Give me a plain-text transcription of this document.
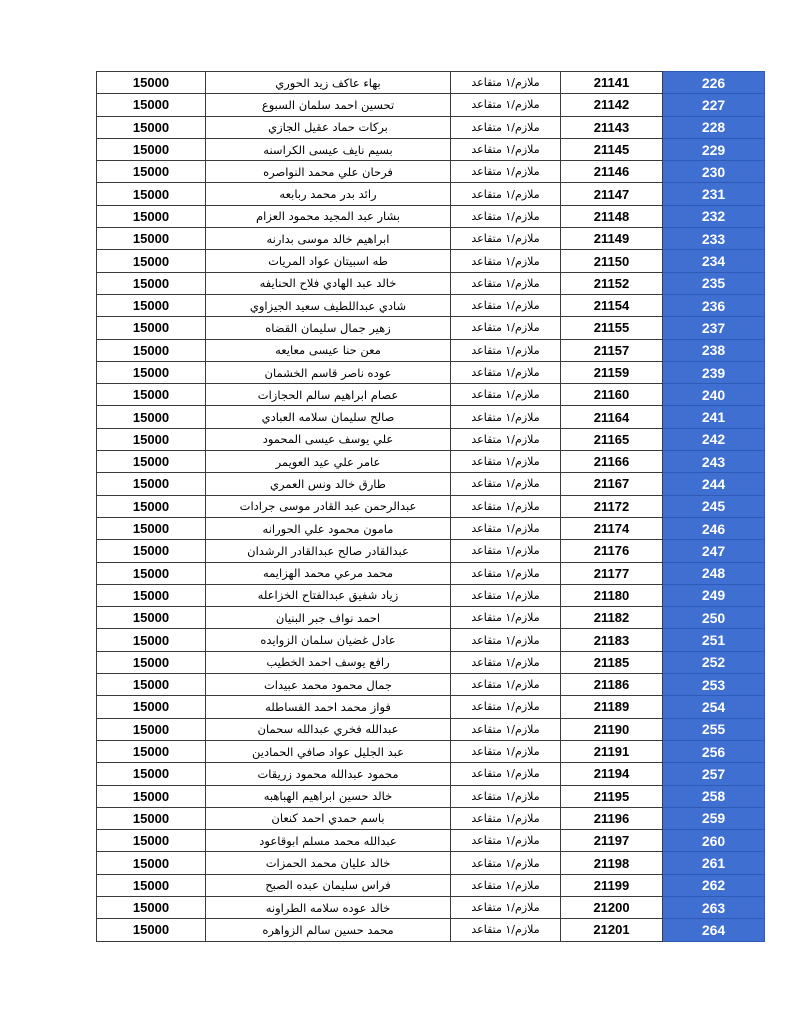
15000	بهاء عاكف زيد الحوري	ملازم/١ متقاعد	21141	226
15000	تحسين احمد سلمان السبوع	ملازم/١ متقاعد	21142	227
15000	بركات حماد عقيل الجازي	ملازم/١ متقاعد	21143	228
15000	بسيم نايف عيسى الكراسنه	ملازم/١ متقاعد	21145	229
15000	فرحان علي محمد النواصره	ملازم/١ متقاعد	21146	230
15000	رائد بدر محمد ربابعه	ملازم/١ متقاعد	21147	231
15000	بشار عبد المجيد محمود العزام	ملازم/١ متقاعد	21148	232
15000	ابراهيم خالد موسى بدارنه	ملازم/١ متقاعد	21149	233
15000	طه اسبيتان عواد المريات	ملازم/١ متقاعد	21150	234
15000	خالد عبد الهادي فلاح الحنايفه	ملازم/١ متقاعد	21152	235
15000	شادي عبداللطيف سعيد الجيزاوي	ملازم/١ متقاعد	21154	236
15000	زهير جمال سليمان القضاه	ملازم/١ متقاعد	21155	237
15000	معن حنا عيسى معايعه	ملازم/١ متقاعد	21157	238
15000	عوده ناصر قاسم الخشمان	ملازم/١ متقاعد	21159	239
15000	عصام ابراهيم سالم الحجازات	ملازم/١ متقاعد	21160	240
15000	صالح سليمان سلامه العبادي	ملازم/١ متقاعد	21164	241
15000	علي يوسف عيسى المحمود	ملازم/١ متقاعد	21165	242
15000	عامر علي عيد العويمر	ملازم/١ متقاعد	21166	243
15000	طارق خالد ونس العمري	ملازم/١ متقاعد	21167	244
15000	عبدالرحمن عبد القادر موسى جرادات	ملازم/١ متقاعد	21172	245
15000	مامون محمود علي الحورانه	ملازم/١ متقاعد	21174	246
15000	عبدالقادر صالح عبدالقادر الرشدان	ملازم/١ متقاعد	21176	247
15000	محمد مرعي محمد الهزايمه	ملازم/١ متقاعد	21177	248
15000	زياد شفيق عبدالفتاح الخزاعله	ملازم/١ متقاعد	21180	249
15000	احمد نواف جبر البنيان	ملازم/١ متقاعد	21182	250
15000	عادل غضيان سلمان الزوايده	ملازم/١ متقاعد	21183	251
15000	رافع يوسف احمد الخطيب	ملازم/١ متقاعد	21185	252
15000	جمال محمود محمد عبيدات	ملازم/١ متقاعد	21186	253
15000	فواز محمد احمد الفساطله	ملازم/١ متقاعد	21189	254
15000	عبدالله فخري عبدالله سحمان	ملازم/١ متقاعد	21190	255
15000	عبد الجليل عواد صافي الحمادين	ملازم/١ متقاعد	21191	256
15000	محمود عبدالله محمود زريقات	ملازم/١ متقاعد	21194	257
15000	خالد حسين ابراهيم الهباهبه	ملازم/١ متقاعد	21195	258
15000	باسم حمدي احمد كنعان	ملازم/١ متقاعد	21196	259
15000	عبدالله محمد مسلم ابوقاعود	ملازم/١ متقاعد	21197	260
15000	خالد عليان محمد الحمزات	ملازم/١ متقاعد	21198	261
15000	فراس سليمان عبده الصبح	ملازم/١ متقاعد	21199	262
15000	خالد عوده سلامه الطراونه	ملازم/١ متقاعد	21200	263
15000	محمد حسين سالم الزواهره	ملازم/١ متقاعد	21201	264
